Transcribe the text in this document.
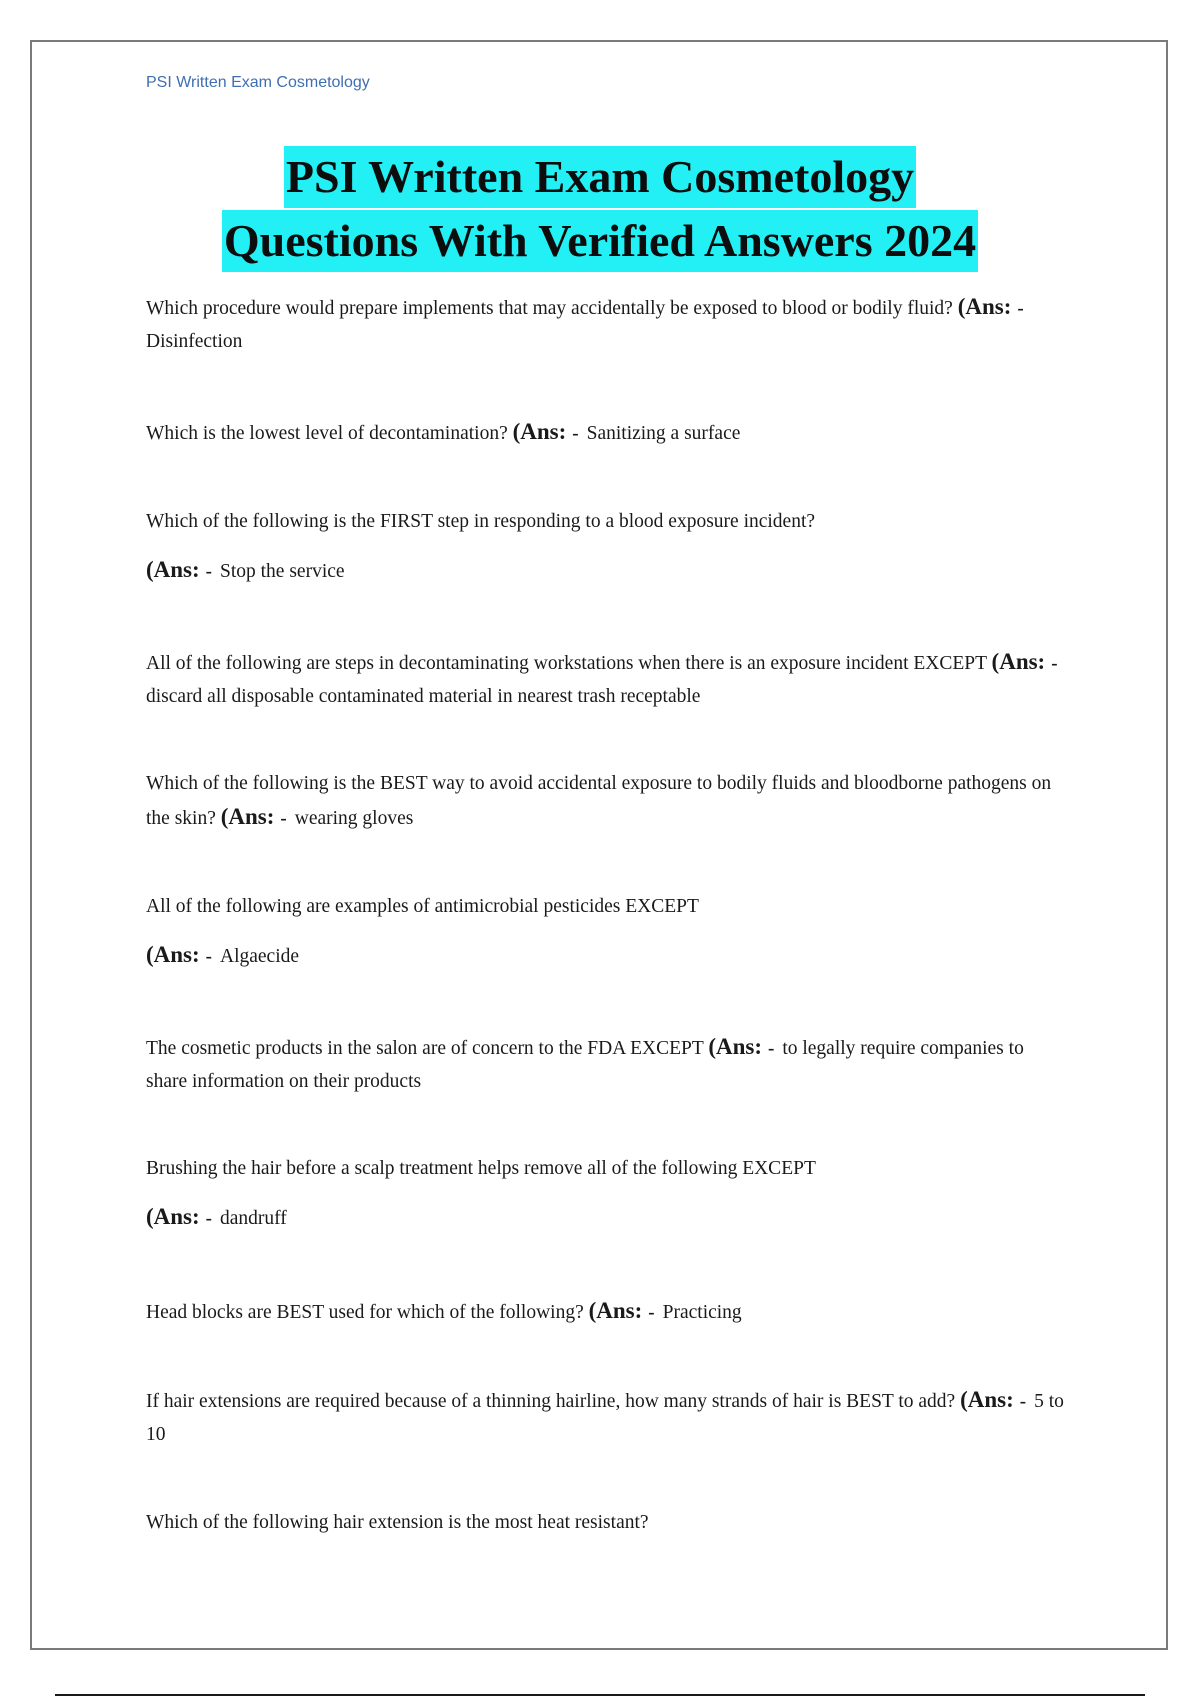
PSI Written Exam Cosmetology
PSI Written Exam Cosmetology
Questions With Verified Answers 2024
Which procedure would prepare implements that may accidentally be exposed to blood or bodily fluid? (Ans: -Disinfection
Which is the lowest level of decontamination? (Ans: - Sanitizing a surface
Which of the following is the FIRST step in responding to a blood exposure incident?
(Ans: - Stop the service
All of the following are steps in decontaminating workstations when there is an exposure incident EXCEPT (Ans: -discard all disposable contaminated material in nearest trash receptable
Which of the following is the BEST way to avoid accidental exposure to bodily fluids and bloodborne pathogens on the skin? (Ans: - wearing gloves
All of the following are examples of antimicrobial pesticides EXCEPT
(Ans: - Algaecide
The cosmetic products in the salon are of concern to the FDA EXCEPT (Ans: - to legally require companies to share information on their products
Brushing the hair before a scalp treatment helps remove all of the following EXCEPT
(Ans: - dandruff
Head blocks are BEST used for which of the following? (Ans: - Practicing
If hair extensions are required because of a thinning hairline, how many strands of hair is BEST to add? (Ans: - 5 to 10
Which of the following hair extension is the most heat resistant?
